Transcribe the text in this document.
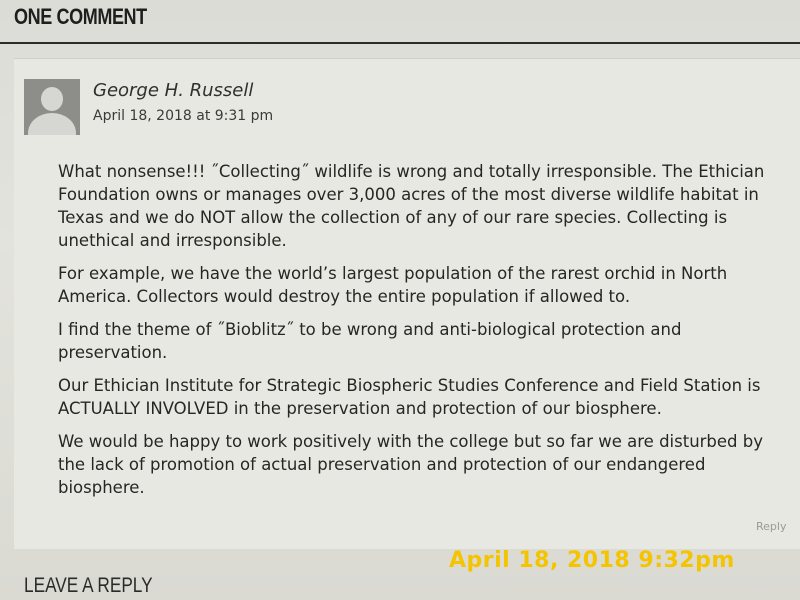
ONE COMMENT
George H. Russell
April 18, 2018 at 9:31 pm

What nonsense!!! ˝Collecting˝ wildlife is wrong and totally irresponsible. The Ethician Foundation owns or manages over 3,000 acres of the most diverse wildlife habitat in Texas and we do NOT allow the collection of any of our rare species. Collecting is unethical and irresponsible.

For example, we have the world’s largest population of the rarest orchid in North America. Collectors would destroy the entire population if allowed to.

I find the theme of ˝Bioblitz˝ to be wrong and anti-biological protection and preservation.

Our Ethician Institute for Strategic Biospheric Studies Conference and Field Station is ACTUALLY INVOLVED in the preservation and protection of our biosphere.

We would be happy to work positively with the college but so far we are disturbed by the lack of promotion of actual preservation and protection of our endangered biosphere.

Reply
April 18, 2018 9:32pm
LEAVE A REPLY
